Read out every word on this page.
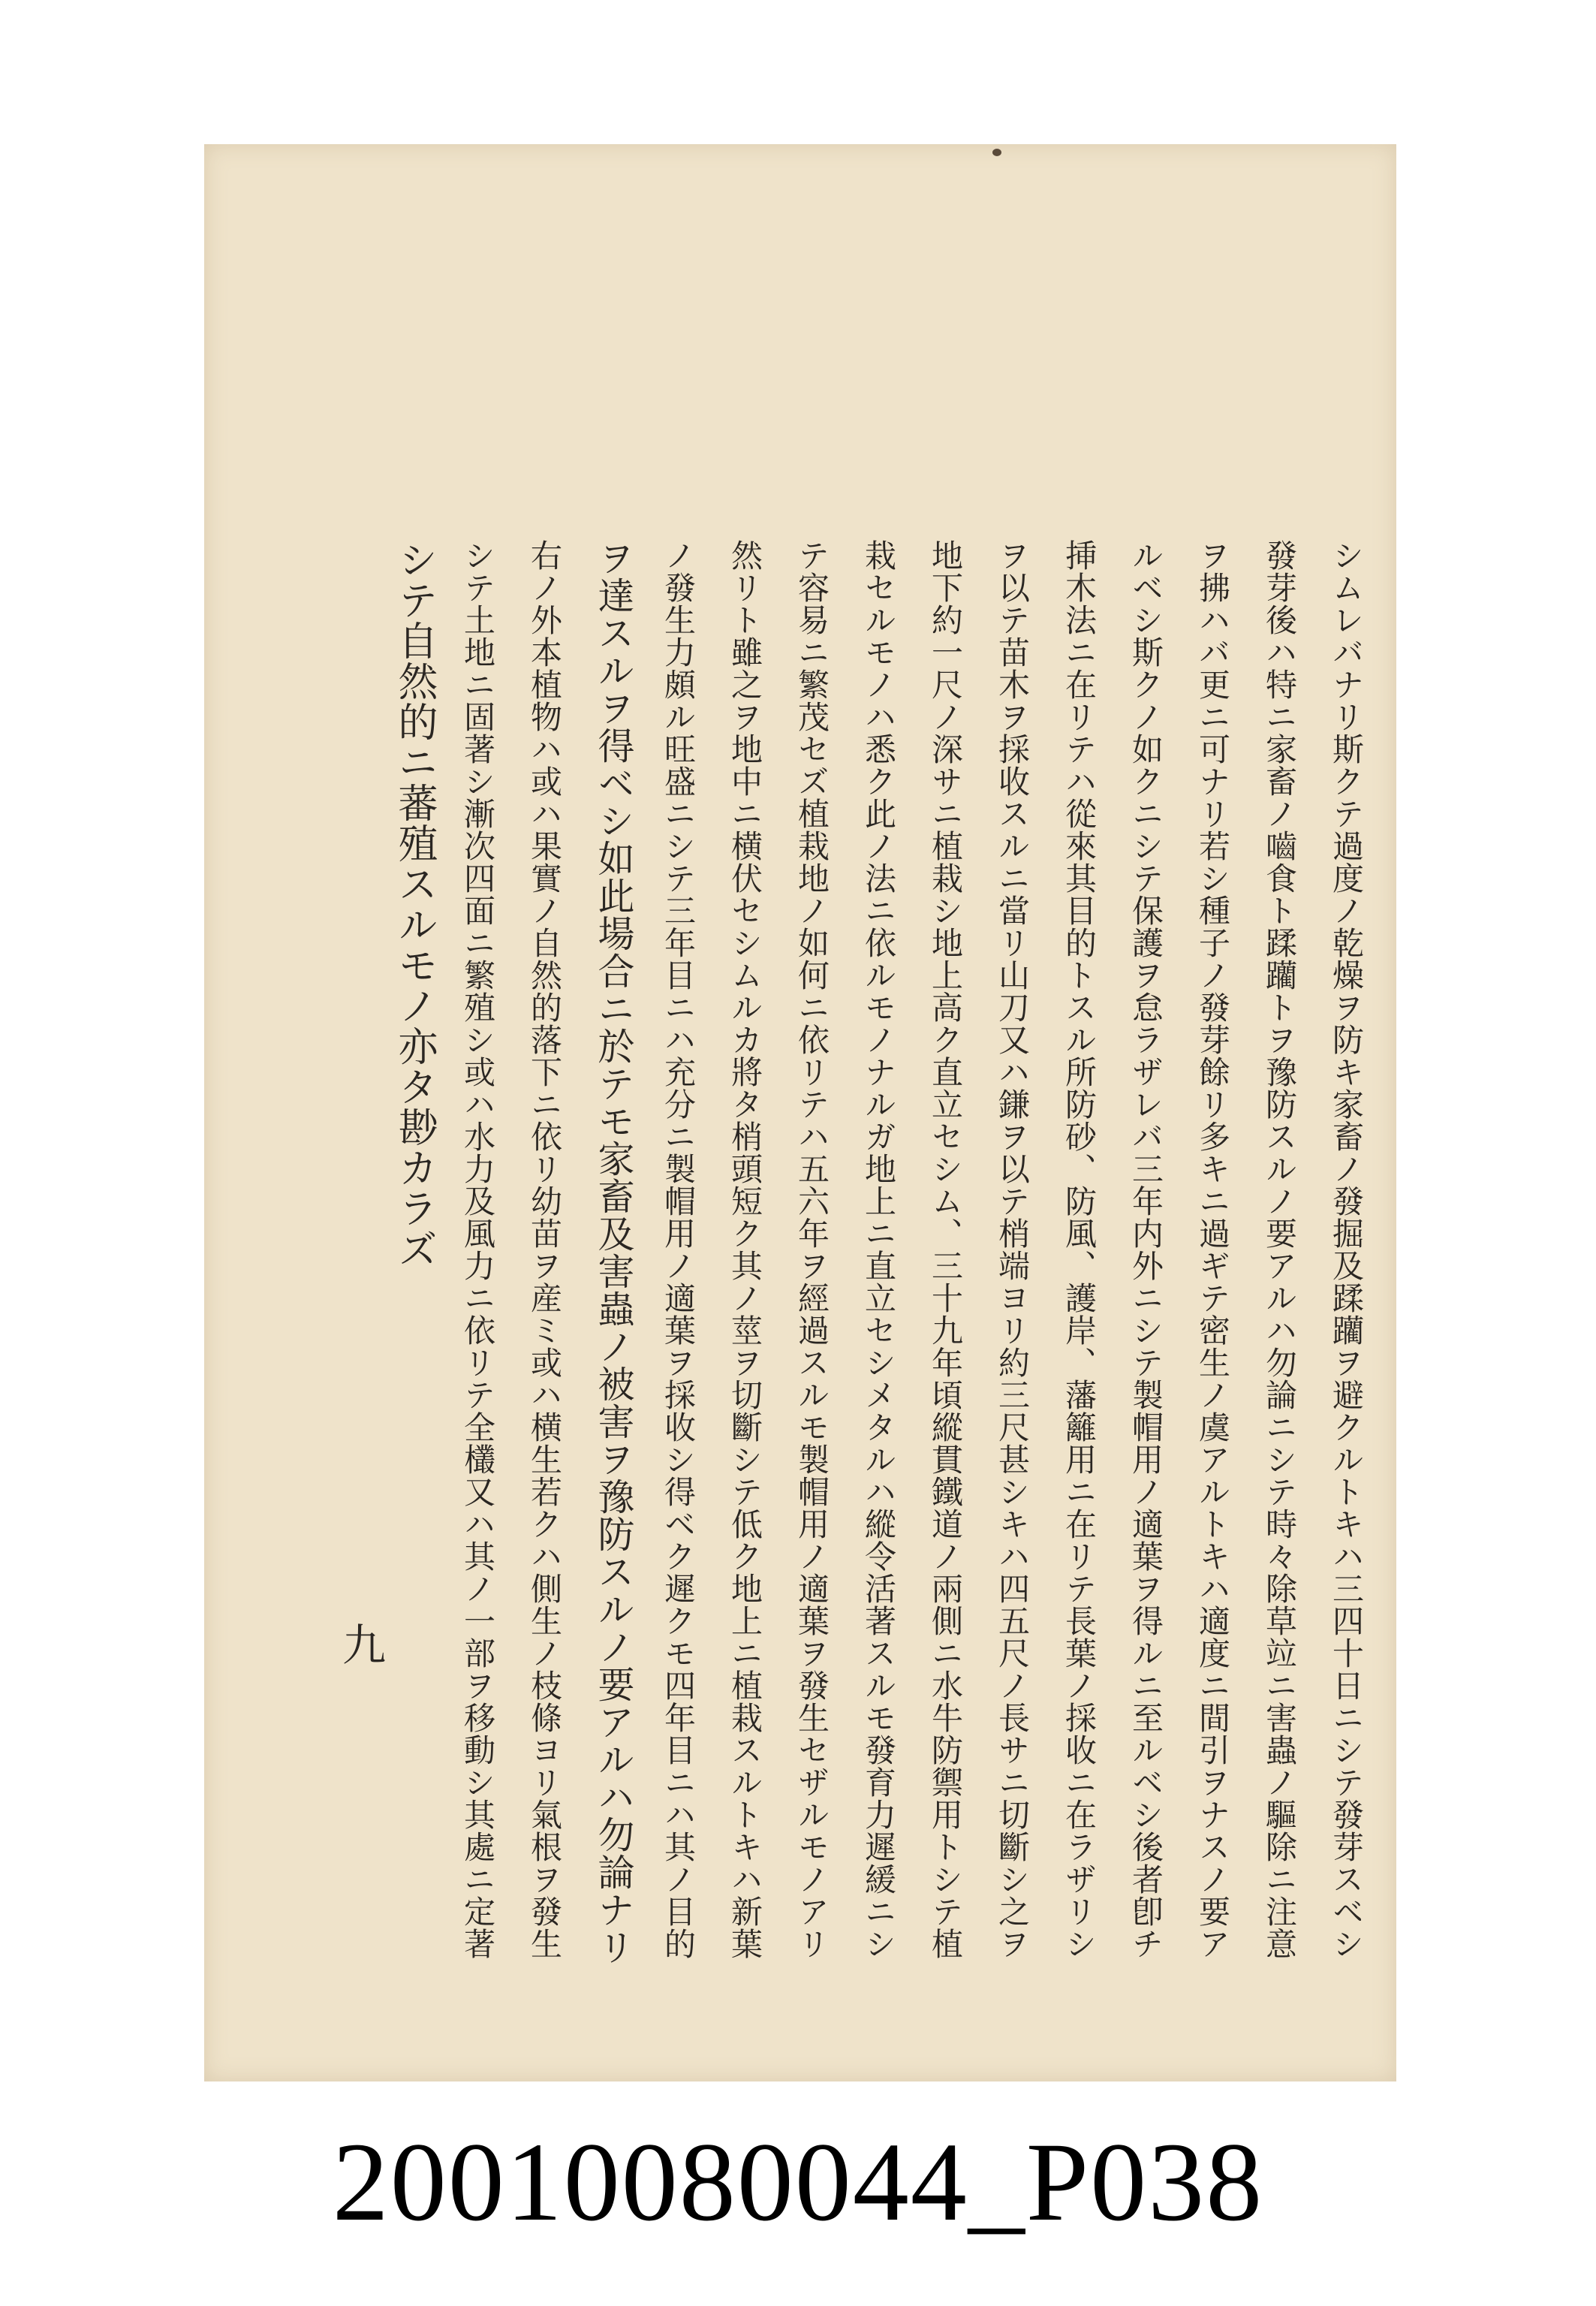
シムレバナリ斯クテ過度ノ乾燥ヲ防キ家畜ノ發掘及蹂躪ヲ避クルトキハ三四十日ニシテ發芽スベシ
發芽後ハ特ニ家畜ノ嚙食ト蹂躪トヲ豫防スルノ要アルハ勿論ニシテ時々除草竝ニ害蟲ノ驅除ニ注意
ヲ拂ハバ更ニ可ナリ若シ種子ノ發芽餘リ多キニ過ギテ密生ノ虞アルトキハ適度ニ間引ヲナスノ要ア
ルベシ斯クノ如クニシテ保護ヲ怠ラザレバ三年内外ニシテ製帽用ノ適葉ヲ得ルニ至ルベシ後者卽チ
挿木法ニ在リテハ從來其目的トスル所防砂、防風、護岸、藩籬用ニ在リテ長葉ノ採收ニ在ラザリシ
ヲ以テ苗木ヲ採收スルニ當リ山刀又ハ鎌ヲ以テ梢端ヨリ約三尺甚シキハ四五尺ノ長サニ切斷シ之ヲ
地下約一尺ノ深サニ植栽シ地上高ク直立セシム、三十九年頃縱貫鐵道ノ兩側ニ水牛防禦用トシテ植
栽セルモノハ悉ク此ノ法ニ依ルモノナルガ地上ニ直立セシメタルハ縱令活著スルモ發育力遲緩ニシ
テ容易ニ繁茂セズ植栽地ノ如何ニ依リテハ五六年ヲ經過スルモ製帽用ノ適葉ヲ發生セザルモノアリ
然リト雖之ヲ地中ニ横伏セシムルカ將タ梢頭短ク其ノ莖ヲ切斷シテ低ク地上ニ植栽スルトキハ新葉
ノ發生力頗ル旺盛ニシテ三年目ニハ充分ニ製帽用ノ適葉ヲ採收シ得ベク遲クモ四年目ニハ其ノ目的
ヲ達スルヲ得ベシ如此場合ニ於テモ家畜及害蟲ノ被害ヲ豫防スルノ要アルハ勿論ナリ
右ノ外本植物ハ或ハ果實ノ自然的落下ニ依リ幼苗ヲ産ミ或ハ横生若クハ側生ノ枝條ヨリ氣根ヲ發生
シテ土地ニ固著シ漸次四面ニ繁殖シ或ハ水力及風力ニ依リテ全欉又ハ其ノ一部ヲ移動シ其處ニ定著
シテ自然的ニ蕃殖スルモノ亦タ尠カラズ
九
20010080044_P038
